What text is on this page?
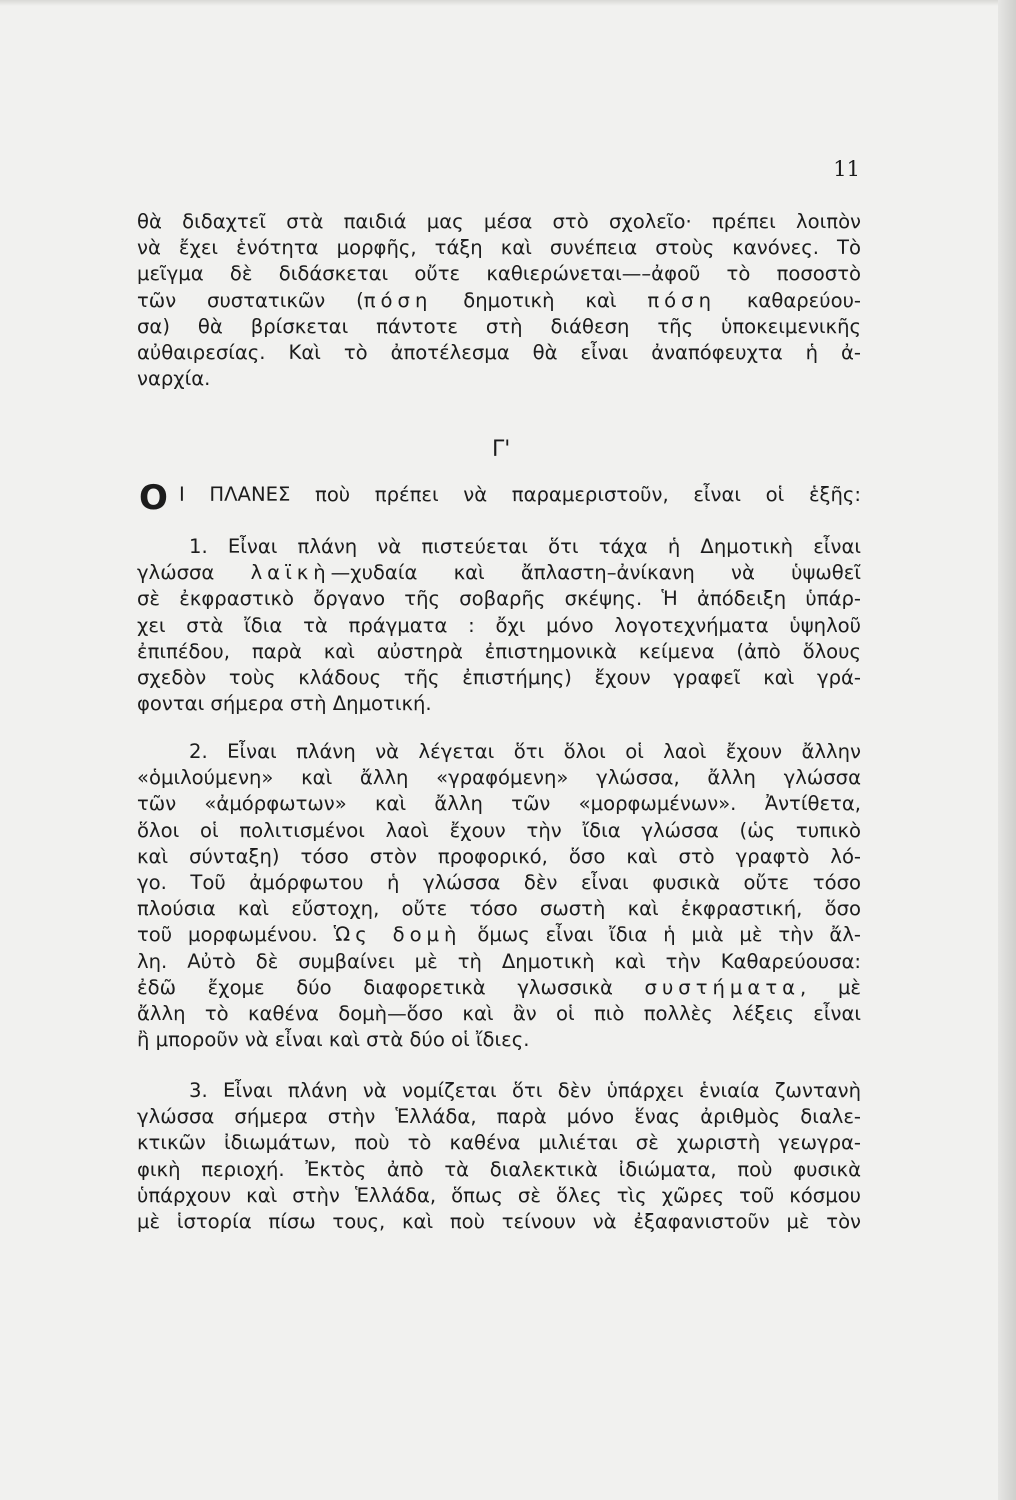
11
θὰ διδαχτεῖ στὰ παιδιά μας μέσα στὸ σχολεῖο· πρέπει λοιπὸν
νὰ ἔχει ἑνότητα μορφῆς, τάξη καὶ συνέπεια στοὺς κανόνες. Τὸ
μεῖγμα δὲ διδάσκεται οὔτε καθιερώνεται—–ἀφοῦ τὸ ποσοστὸ
τῶν συστατικῶν (πόση δημοτικὴ καὶ πόση καθαρεύου-
σα) θὰ βρίσκεται πάντοτε στὴ διάθεση τῆς ὑποκειμενικῆς
αὐθαιρεσίας. Καὶ τὸ ἀποτέλεσμα θὰ εἶναι ἀναπόφευχτα ἡ ἀ-
ναρχία.
Γ'
O Ι ΠΛΑΝΕΣ ποὺ πρέπει νὰ παραμεριστοῦν, εἶναι οἱ ἑξῆς:
1. Εἶναι πλάνη νὰ πιστεύεται ὅτι τάχα ἡ Δημοτικὴ εἶναι
γλώσσα λαϊκὴ—χυδαία καὶ ἄπλαστη–ἀνίκανη νὰ ὑψωθεῖ
σὲ ἐκφραστικὸ ὄργανο τῆς σοβαρῆς σκέψης. Ἡ ἀπόδειξη ὑπάρ-
χει στὰ ἴδια τὰ πράγματα : ὄχι μόνο λογοτεχνήματα ὑψηλοῦ
ἐπιπέδου, παρὰ καὶ αὐστηρὰ ἐπιστημονικὰ κείμενα (ἀπὸ ὅλους
σχεδὸν τοὺς κλάδους τῆς ἐπιστήμης) ἔχουν γραφεῖ καὶ γρά-
φονται σήμερα στὴ Δημοτική.
2. Εἶναι πλάνη νὰ λέγεται ὅτι ὅλοι οἱ λαοὶ ἔχουν ἄλλην
«ὁμιλούμενη» καὶ ἄλλη «γραφόμενη» γλώσσα, ἄλλη γλώσσα
τῶν «ἀμόρφωτων» καὶ ἄλλη τῶν «μορφωμένων». Ἀντίθετα,
ὅλοι οἱ πολιτισμένοι λαοὶ ἔχουν τὴν ἴδια γλώσσα (ὡς τυπικὸ
καὶ σύνταξη) τόσο στὸν προφορικό, ὅσο καὶ στὸ γραφτὸ λό-
γο. Τοῦ ἀμόρφωτου ἡ γλώσσα δὲν εἶναι φυσικὰ οὔτε τόσο
πλούσια καὶ εὔστοχη, οὔτε τόσο σωστὴ καὶ ἐκφραστική, ὅσο
τοῦ μορφωμένου. Ὡς δομὴ ὅμως εἶναι ἴδια ἡ μιὰ μὲ τὴν ἄλ-
λη. Αὐτὸ δὲ συμβαίνει μὲ τὴ Δημοτικὴ καὶ τὴν Καθαρεύουσα:
ἐδῶ ἔχομε δύο διαφορετικὰ γλωσσικὰ συστήματα, μὲ
ἄλλη τὸ καθένα δομὴ—ὅσο καὶ ἂν οἱ πιὸ πολλὲς λέξεις εἶναι
ἢ μποροῦν νὰ εἶναι καὶ στὰ δύο οἱ ἴδιες.
3. Εἶναι πλάνη νὰ νομίζεται ὅτι δὲν ὑπάρχει ἑνιαία ζωντανὴ
γλώσσα σήμερα στὴν Ἑλλάδα, παρὰ μόνο ἕνας ἀριθμὸς διαλε-
κτικῶν ἰδιωμάτων, ποὺ τὸ καθένα μιλιέται σὲ χωριστὴ γεωγρα-
φικὴ περιοχή. Ἐκτὸς ἀπὸ τὰ διαλεκτικὰ ἰδιώματα, ποὺ φυσικὰ
ὑπάρχουν καὶ στὴν Ἑλλάδα, ὅπως σὲ ὅλες τὶς χῶρες τοῦ κόσμου
μὲ ἱστορία πίσω τους, καὶ ποὺ τείνουν νὰ ἐξαφανιστοῦν μὲ τὸν
